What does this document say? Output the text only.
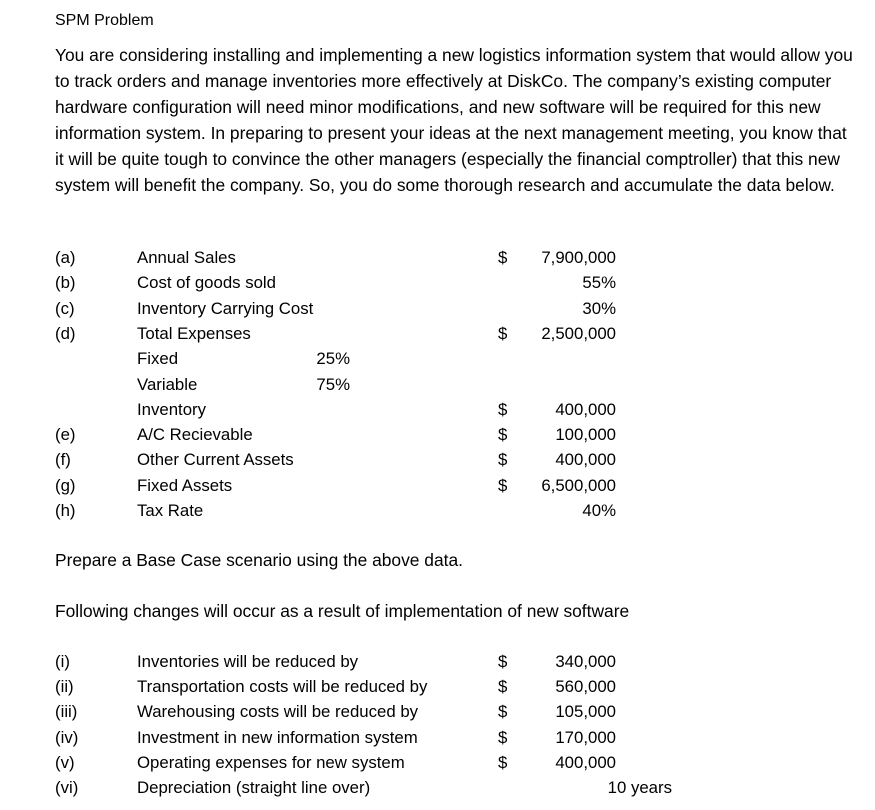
SPM Problem

You are considering installing and implementing a new logistics information system that would allow you to track orders and manage inventories more effectively at DiskCo. The company’s existing computer hardware configuration will need minor modifications, and new software will be required for this new information system. In preparing to present your ideas at the next management meeting, you know that it will be quite tough to convince the other managers (especially the financial comptroller) that this new system will benefit the company. So, you do some thorough research and accumulate the data below.

(a)	Annual Sales	$	7,900,000
(b)	Cost of goods sold	55%
(c)	Inventory Carrying Cost	30%
(d)	Total Expenses	$	2,500,000
Fixed	25%
Variable	75%
Inventory	$	400,000
(e)	A/C Recievable	$	100,000
(f)	Other Current Assets	$	400,000
(g)	Fixed Assets	$	6,500,000
(h)	Tax Rate	40%
Prepare a Base Case scenario using the above data.
Following changes will occur as a result of implementation of new software
(i)	Inventories will be reduced by	$	340,000
(ii)	Transportation costs will be reduced by	$	560,000
(iii)	Warehousing costs will be reduced by	$	105,000
(iv)	Investment in new information system	$	170,000
(v)	Operating expenses for new system	$	400,000
(vi)	Depreciation (straight line over)	10 years
